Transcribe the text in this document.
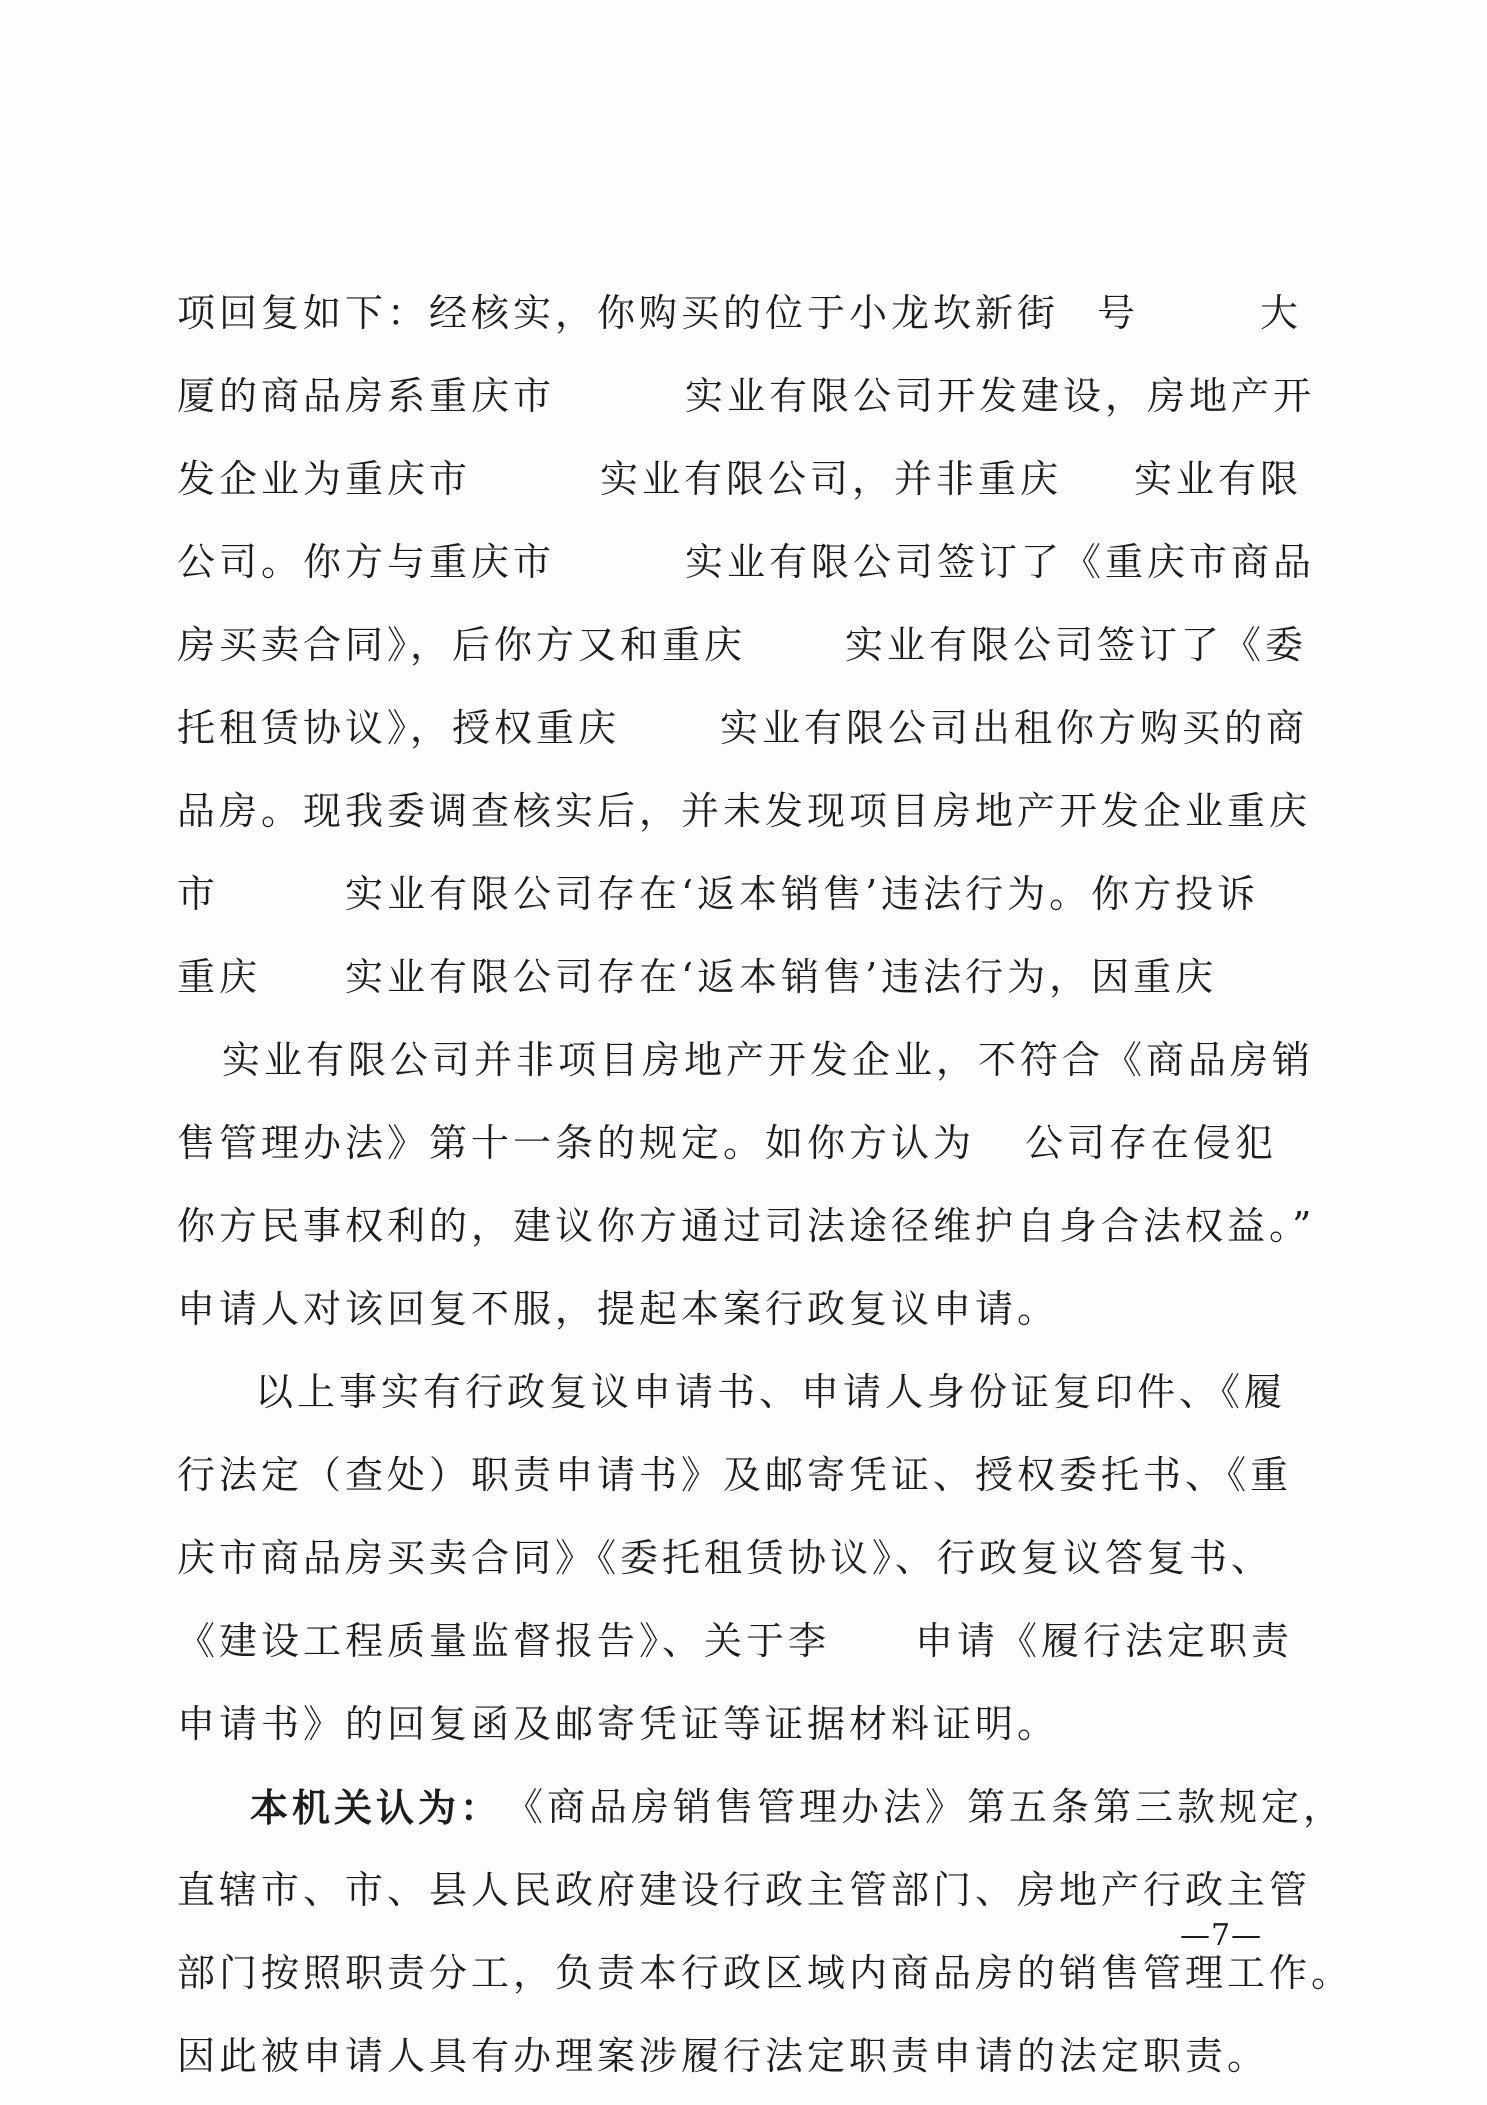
项回复如下：经核实，你购买的位于小龙坎新街

号

	大

厦的商品房系重庆市

	实业有限公司开发建设，房地产开

发企业为重庆市

	实业有限公司，并非重庆

实业有限

公司。你方与重庆市

	实业有限公司签订了《重庆市商品

房买卖合同》，后你方又和重庆

	实业有限公司签订了《委

托租赁协议》，授权重庆

	实业有限公司出租你方购买的商

品房。现我委调查核实后，并未发现项目房地产开发企业重庆

市

	实业有限公司存在‘返本销售’违法行为。你方投诉

重庆

实业有限公司存在‘返本销售’违法行为，因重庆

实业有限公司并非项目房地产开发企业，不符合《商品房销

售管理办法》第十一条的规定。如你方认为

公司存在侵犯

你方民事权利的，建议你方通过司法途径维护自身合法权益。”

申请人对该回复不服，提起本案行政复议申请。

以上事实有行政复议申请书、申请人身份证复印件、《履

行法定（查处）职责申请书》及邮寄凭证、授权委托书、《重

庆市商品房买卖合同》《委托租赁协议》、行政复议答复书、

《建设工程质量监督报告》、关于李

申请《履行法定职责

申请书》的回复函及邮寄凭证等证据材料证明。

本机关认为：

《商品房销售管理办法》第五条第三款规定，

直辖市、市、县人民政府建设行政主管部门、房地产行政主管

部门按照职责分工，负责本行政区域内商品房的销售管理工作。

因此被申请人具有办理案涉履行法定职责申请的法定职责。

—7—
